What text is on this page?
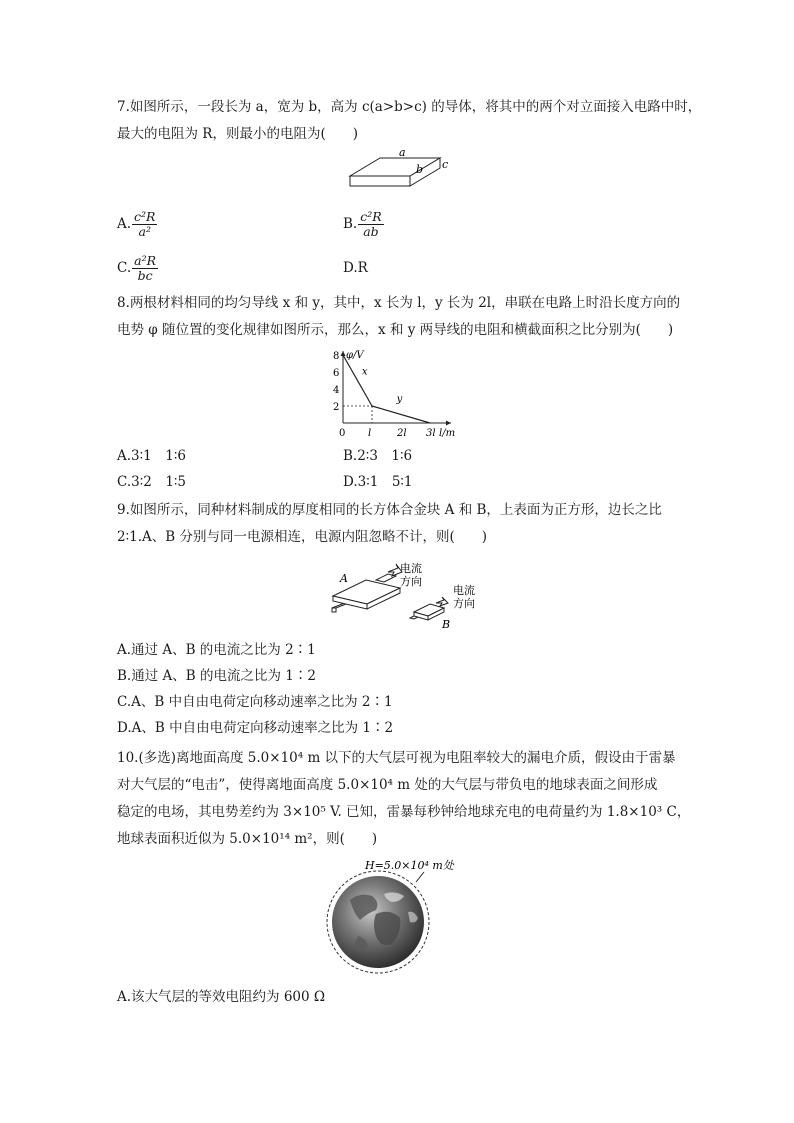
7.如图所示，一段长为 a，宽为 b，高为 c(a>b>c) 的导体，将其中的两个对立面接入电路中时，
最大的电阻为 R，则最小的电阻为(　　)
a
b c
A. $\frac{\text{c²R}}{\text{a²}}$	B. $\frac{\text{c²R}}{ab}$
C. $\frac{\text{a²R}}{bc}$	D.R
8.两根材料相同的均匀导线 x 和 y，其中，x 长为 l，y 长为 2l，串联在电路上时沿长度方向的
电势 φ 随位置的变化规律如图所示，那么，x 和 y 两导线的电阻和横截面积之比分别为(　　)
φ/V
l/m
8
6
4
2
0 l	2l 3l
x
y
A.3∶1　1∶6	B.2∶3　1∶6
C.3∶2　1∶5	D.3∶1　5∶1
9.如图所示，同种材料制成的厚度相同的长方体合金块 A 和 B，上表面为正方形，边长之比
2∶1.A、B 分别与同一电源相连，电源内阻忽略不计，则(　　)
A
电流
方向
B
电流
方向
A.通过 A、B 的电流之比为 2∶1
B.通过 A、B 的电流之比为 1∶2
C.A、B 中自由电荷定向移动速率之比为 2∶1
D.A、B 中自由电荷定向移动速率之比为 1∶2
10.(多选)离地面高度 5.0×10⁴ m 以下的大气层可视为电阻率较大的漏电介质，假设由于雷暴
对大气层的“电击”，使得离地面高度 5.0×10⁴ m 处的大气层与带负电的地球表面之间形成
稳定的电场，其电势差约为 3×10⁵ V. 已知，雷暴每秒钟给地球充电的电荷量约为 1.8×10³ C，
地球表面积近似为 5.0×10¹⁴ m²，则(　　)
H=5.0×10⁴ m处
A.该大气层的等效电阻约为 600 Ω
